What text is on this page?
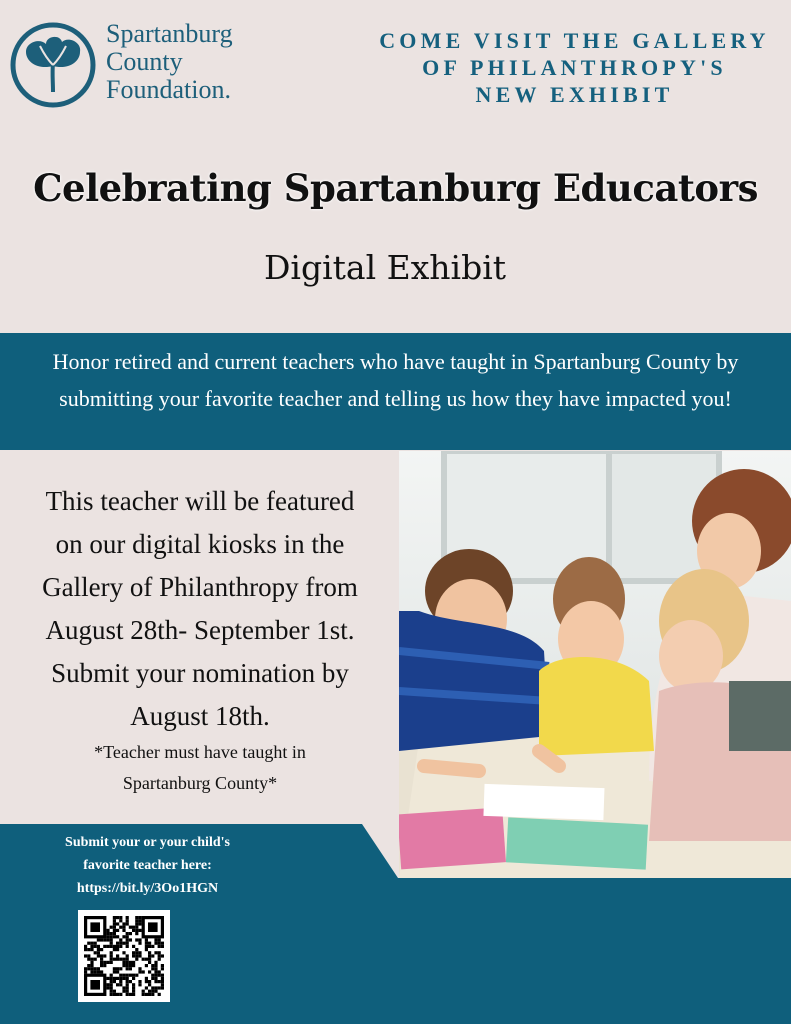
Spartanburg
County
Foundation.
COME VISIT THE GALLERY
OF PHILANTHROPY'S
NEW EXHIBIT
Celebrating Spartanburg Educators
Digital Exhibit

Honor retired and current teachers who have taught in Spartanburg County by submitting your favorite teacher and telling us how they have impacted you!

This teacher will be featured
on our digital kiosks in the
Gallery of Philanthropy from
August 28th- September 1st.
Submit your nomination by
August 18th.
*Teacher must have taught in
Spartanburg County*
Submit your or your child's
favorite teacher here:
https://bit.ly/3Oo1HGN
